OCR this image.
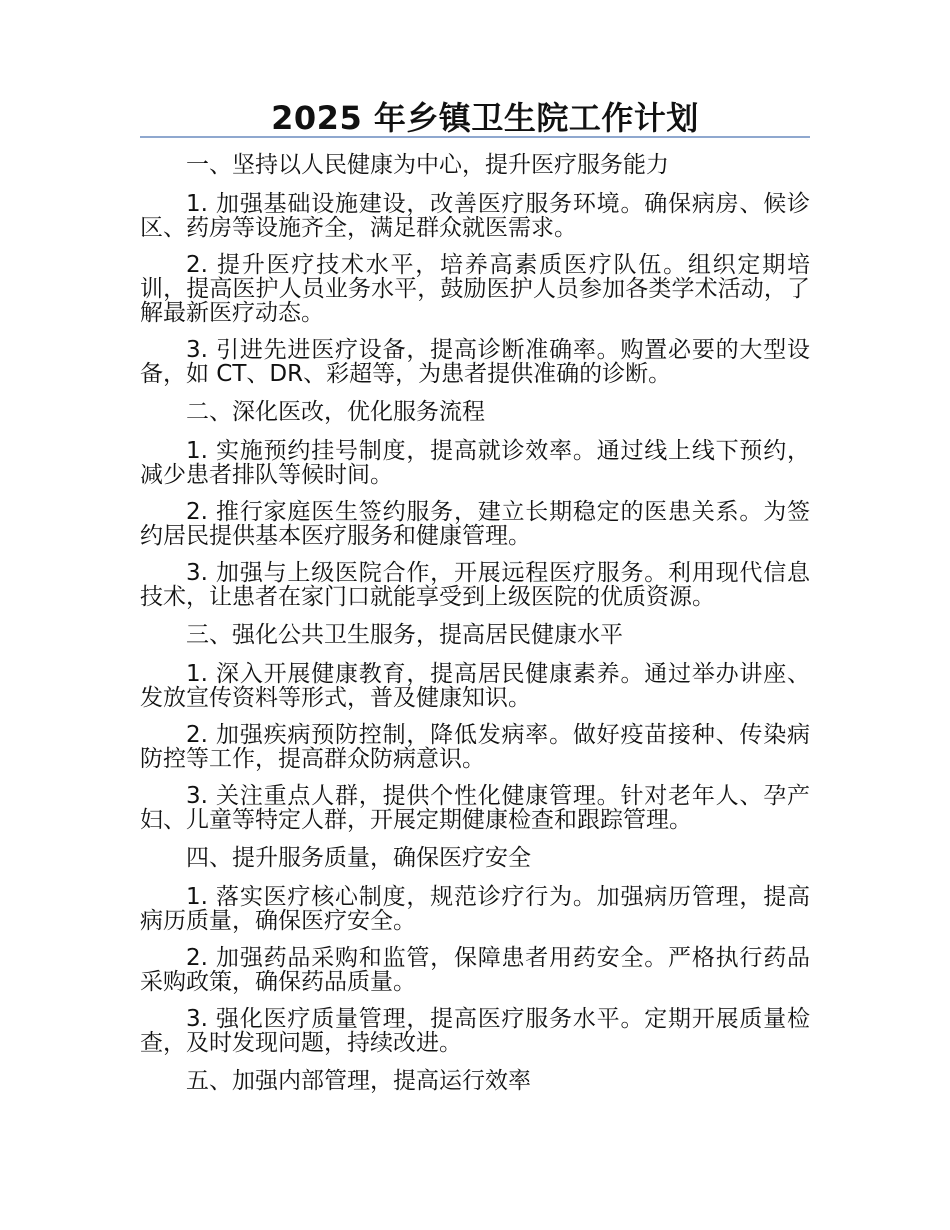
2025 年乡镇卫生院工作计划

一、坚持以人民健康为中心，提升医疗服务能力

1. 加强基础设施建设，改善医疗服务环境。确保病房、候诊区、药房等设施齐全，满足群众就医需求。

2. 提升医疗技术水平，培养高素质医疗队伍。组织定期培训，提高医护人员业务水平，鼓励医护人员参加各类学术活动，了解最新医疗动态。

3. 引进先进医疗设备，提高诊断准确率。购置必要的大型设备，如 CT、DR、彩超等，为患者提供准确的诊断。

二、深化医改，优化服务流程

1. 实施预约挂号制度，提高就诊效率。通过线上线下预约，减少患者排队等候时间。

2. 推行家庭医生签约服务，建立长期稳定的医患关系。为签约居民提供基本医疗服务和健康管理。

3. 加强与上级医院合作，开展远程医疗服务。利用现代信息技术，让患者在家门口就能享受到上级医院的优质资源。

三、强化公共卫生服务，提高居民健康水平

1. 深入开展健康教育，提高居民健康素养。通过举办讲座、发放宣传资料等形式，普及健康知识。

2. 加强疾病预防控制，降低发病率。做好疫苗接种、传染病防控等工作，提高群众防病意识。

3. 关注重点人群，提供个性化健康管理。针对老年人、孕产妇、儿童等特定人群，开展定期健康检查和跟踪管理。

四、提升服务质量，确保医疗安全

1. 落实医疗核心制度，规范诊疗行为。加强病历管理，提高病历质量，确保医疗安全。

2. 加强药品采购和监管，保障患者用药安全。严格执行药品采购政策，确保药品质量。

3. 强化医疗质量管理，提高医疗服务水平。定期开展质量检查，及时发现问题，持续改进。

五、加强内部管理，提高运行效率
